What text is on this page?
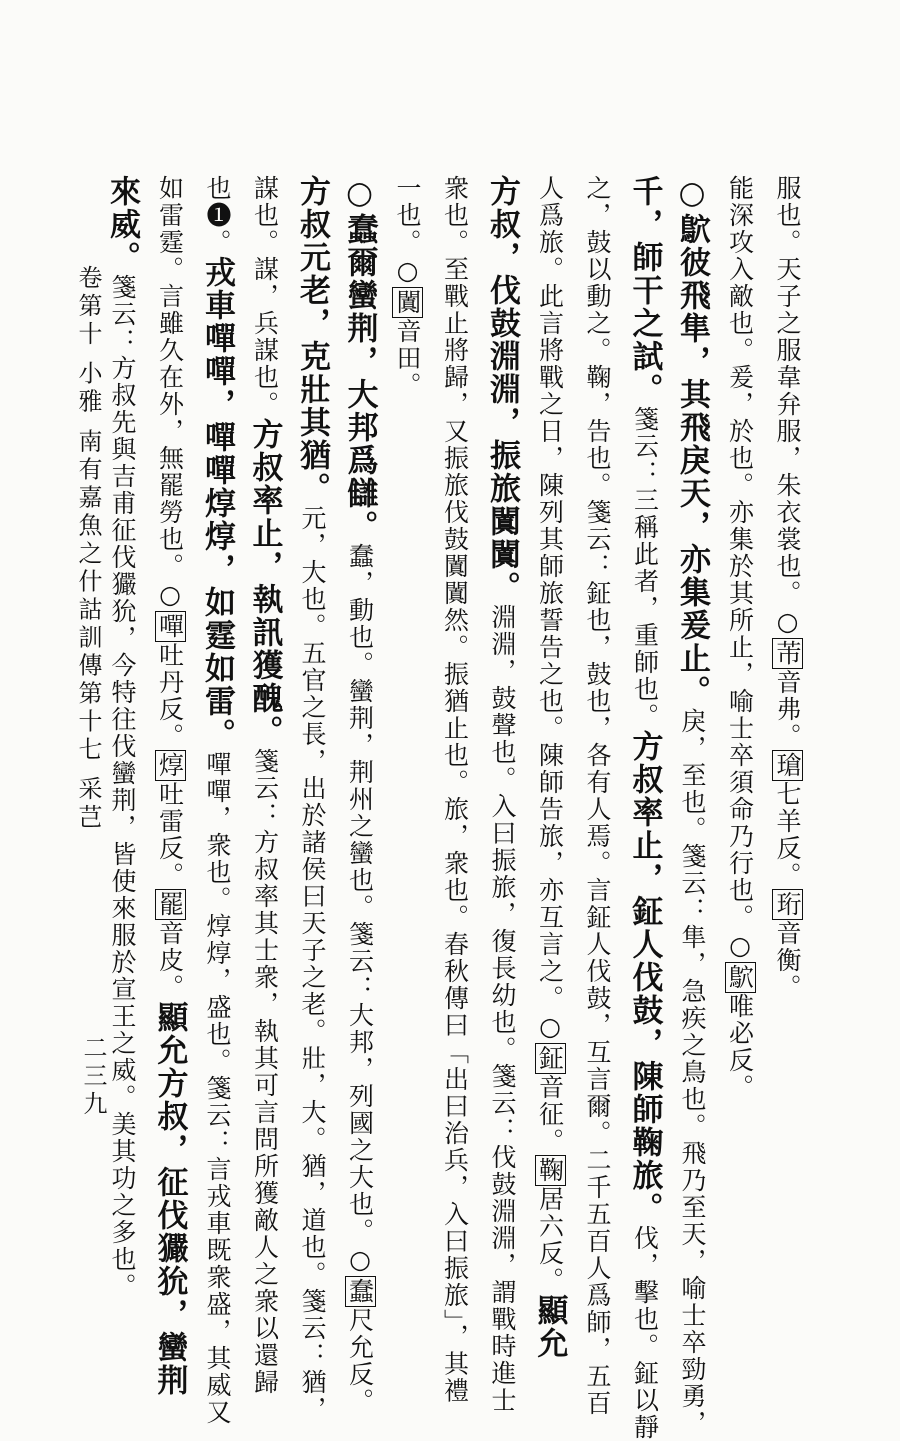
服也。天子之服韋弁服，朱衣裳也。○芾音弗。瑲七羊反。珩音衡。
能深攻入敵也。爰，於也。亦集於其所止，喻士卒須命乃行也。○鴥唯必反。
○鴥彼飛隼，其飛戾天，亦集爰止。戾，至也。箋云：隼，急疾之鳥也。飛乃至天，喻士卒勁勇，
千，師干之試。箋云：三稱此者，重師也。方叔率止，鉦人伐鼓，陳師鞠旅。伐，擊也。鉦以靜
之，鼓以動之。鞠，告也。箋云：鉦也，鼓也，各有人焉。言鉦人伐鼓，互言爾。二千五百人爲師，五百
人爲旅。此言將戰之日，陳列其師旅誓告之也。陳師告旅，亦互言之。○鉦音征。鞠居六反。顯允
方叔，伐鼓淵淵，振旅闐闐。淵淵，鼓聲也。入曰振旅，復長幼也。箋云：伐鼓淵淵，謂戰時進士
衆也。至戰止將歸，又振旅伐鼓闐闐然。振猶止也。旅，衆也。春秋傳曰「出曰治兵，入曰振旅」，其禮
一也。○闐音田。
○蠢爾蠻荆，大邦爲讎。蠢，動也。蠻荆，荆州之蠻也。箋云：大邦，列國之大也。○蠢尺允反。
方叔元老，克壯其猶。元，大也。五官之長，出於諸侯曰天子之老。壯，大。猶，道也。箋云：猶，
謀也。謀，兵謀也。方叔率止，執訊獲醜。箋云：方叔率其士衆，執其可言問所獲敵人之衆以還歸
也❶。戎車嘽嘽，嘽嘽焞焞，如霆如雷。嘽嘽，衆也。焞焞，盛也。箋云：言戎車既衆盛，其威又
如雷霆。言雖久在外，無罷勞也。○嘽吐丹反。焞吐雷反。罷音皮。顯允方叔，征伐玁狁，蠻荆
來威。箋云：方叔先與吉甫征伐玁狁，今特往伐蠻荆，皆使來服於宣王之威。美其功之多也。
卷第十 小雅 南有嘉魚之什詁訓傳第十七 采芑
二三九
